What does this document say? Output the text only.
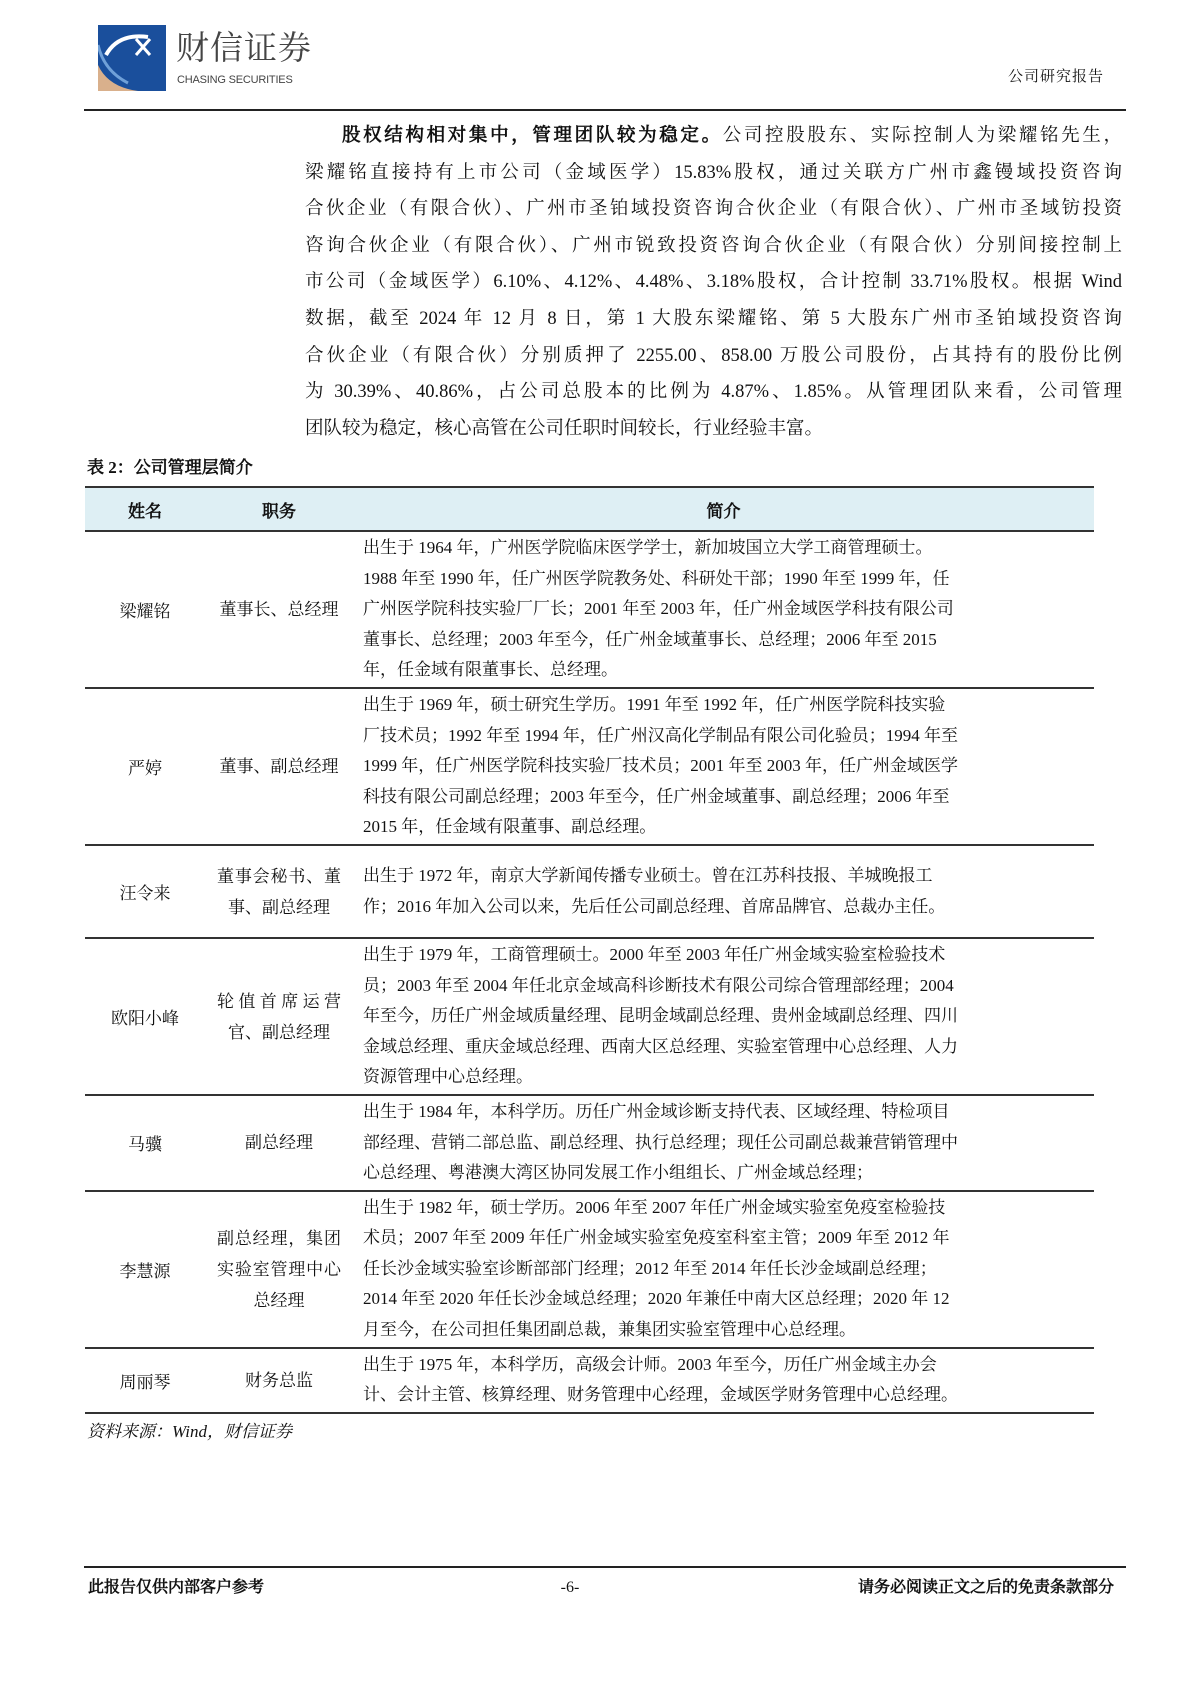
财信证券
CHASING SECURITIES	公司研究报告
股权结构相对集中，管理团队较为稳定。公司控股股东、实际控制人为梁耀铭先生，
梁耀铭直接持有上市公司（金域医学）15.83%股权，通过关联方广州市鑫镘域投资咨询
合伙企业（有限合伙）、广州市圣铂域投资咨询合伙企业（有限合伙）、广州市圣域钫投资
咨询合伙企业（有限合伙）、广州市锐致投资咨询合伙企业（有限合伙）分别间接控制上
市公司（金域医学）6.10%、4.12%、4.48%、3.18%股权，合计控制 33.71%股权。根据 Wind
数据，截至 2024 年 12 月 8 日，第 1 大股东梁耀铭、第 5 大股东广州市圣铂域投资咨询
合伙企业（有限合伙）分别质押了 2255.00、858.00 万股公司股份，占其持有的股份比例
为 30.39%、40.86%，占公司总股本的比例为 4.87%、1.85%。从管理团队来看，公司管理
团队较为稳定，核心高管在公司任职时间较长，行业经验丰富。
表 2：公司管理层简介
姓名	职务	简介
梁耀铭	董事长、总经理	出生于 1964 年，广州医学院临床医学学士，新加坡国立大学工商管理硕士。
1988 年至 1990 年，任广州医学院教务处、科研处干部；1990 年至 1999 年，任
广州医学院科技实验厂厂长；2001 年至 2003 年，任广州金域医学科技有限公司
董事长、总经理；2003 年至今，任广州金域董事长、总经理；2006 年至 2015
年，任金域有限董事长、总经理。

严婷	董事、副总经理	出生于 1969 年，硕士研究生学历。1991 年至 1992 年，任广州医学院科技实验
厂技术员；1992 年至 1994 年，任广州汉高化学制品有限公司化验员；1994 年至
1999 年，任广州医学院科技实验厂技术员；2001 年至 2003 年，任广州金域医学
科技有限公司副总经理；2003 年至今，任广州金域董事、副总经理；2006 年至
2015 年，任金域有限董事、副总经理。

汪令来	董事会秘书、董事、副总经理	出生于 1972 年，南京大学新闻传播专业硕士。曾在江苏科技报、羊城晚报工
作；2016 年加入公司以来，先后任公司副总经理、首席品牌官、总裁办主任。

欧阳小峰	轮值首席运营官、副总经理	出生于 1979 年，工商管理硕士。2000 年至 2003 年任广州金域实验室检验技术
员；2003 年至 2004 年任北京金域高科诊断技术有限公司综合管理部经理；2004
年至今，历任广州金域质量经理、昆明金域副总经理、贵州金域副总经理、四川
金域总经理、重庆金域总经理、西南大区总经理、实验室管理中心总经理、人力
资源管理中心总经理。

马骥	副总经理	出生于 1984 年，本科学历。历任广州金域诊断支持代表、区域经理、特检项目
部经理、营销二部总监、副总经理、执行总经理；现任公司副总裁兼营销管理中
心总经理、粤港澳大湾区协同发展工作小组组长、广州金域总经理；

李慧源	副总经理，集团实验室管理中心总经理	出生于 1982 年，硕士学历。2006 年至 2007 年任广州金域实验室免疫室检验技
术员；2007 年至 2009 年任广州金域实验室免疫室科室主管；2009 年至 2012 年
任长沙金域实验室诊断部部门经理；2012 年至 2014 年任长沙金域副总经理；
2014 年至 2020 年任长沙金域总经理；2020 年兼任中南大区总经理；2020 年 12
月至今，在公司担任集团副总裁，兼集团实验室管理中心总经理。

周丽琴	财务总监	出生于 1975 年，本科学历，高级会计师。2003 年至今，历任广州金域主办会
计、会计主管、核算经理、财务管理中心经理，金域医学财务管理中心总经理。
资料来源：Wind，财信证券
此报告仅供内部客户参考	-6-	请务必阅读正文之后的免责条款部分
